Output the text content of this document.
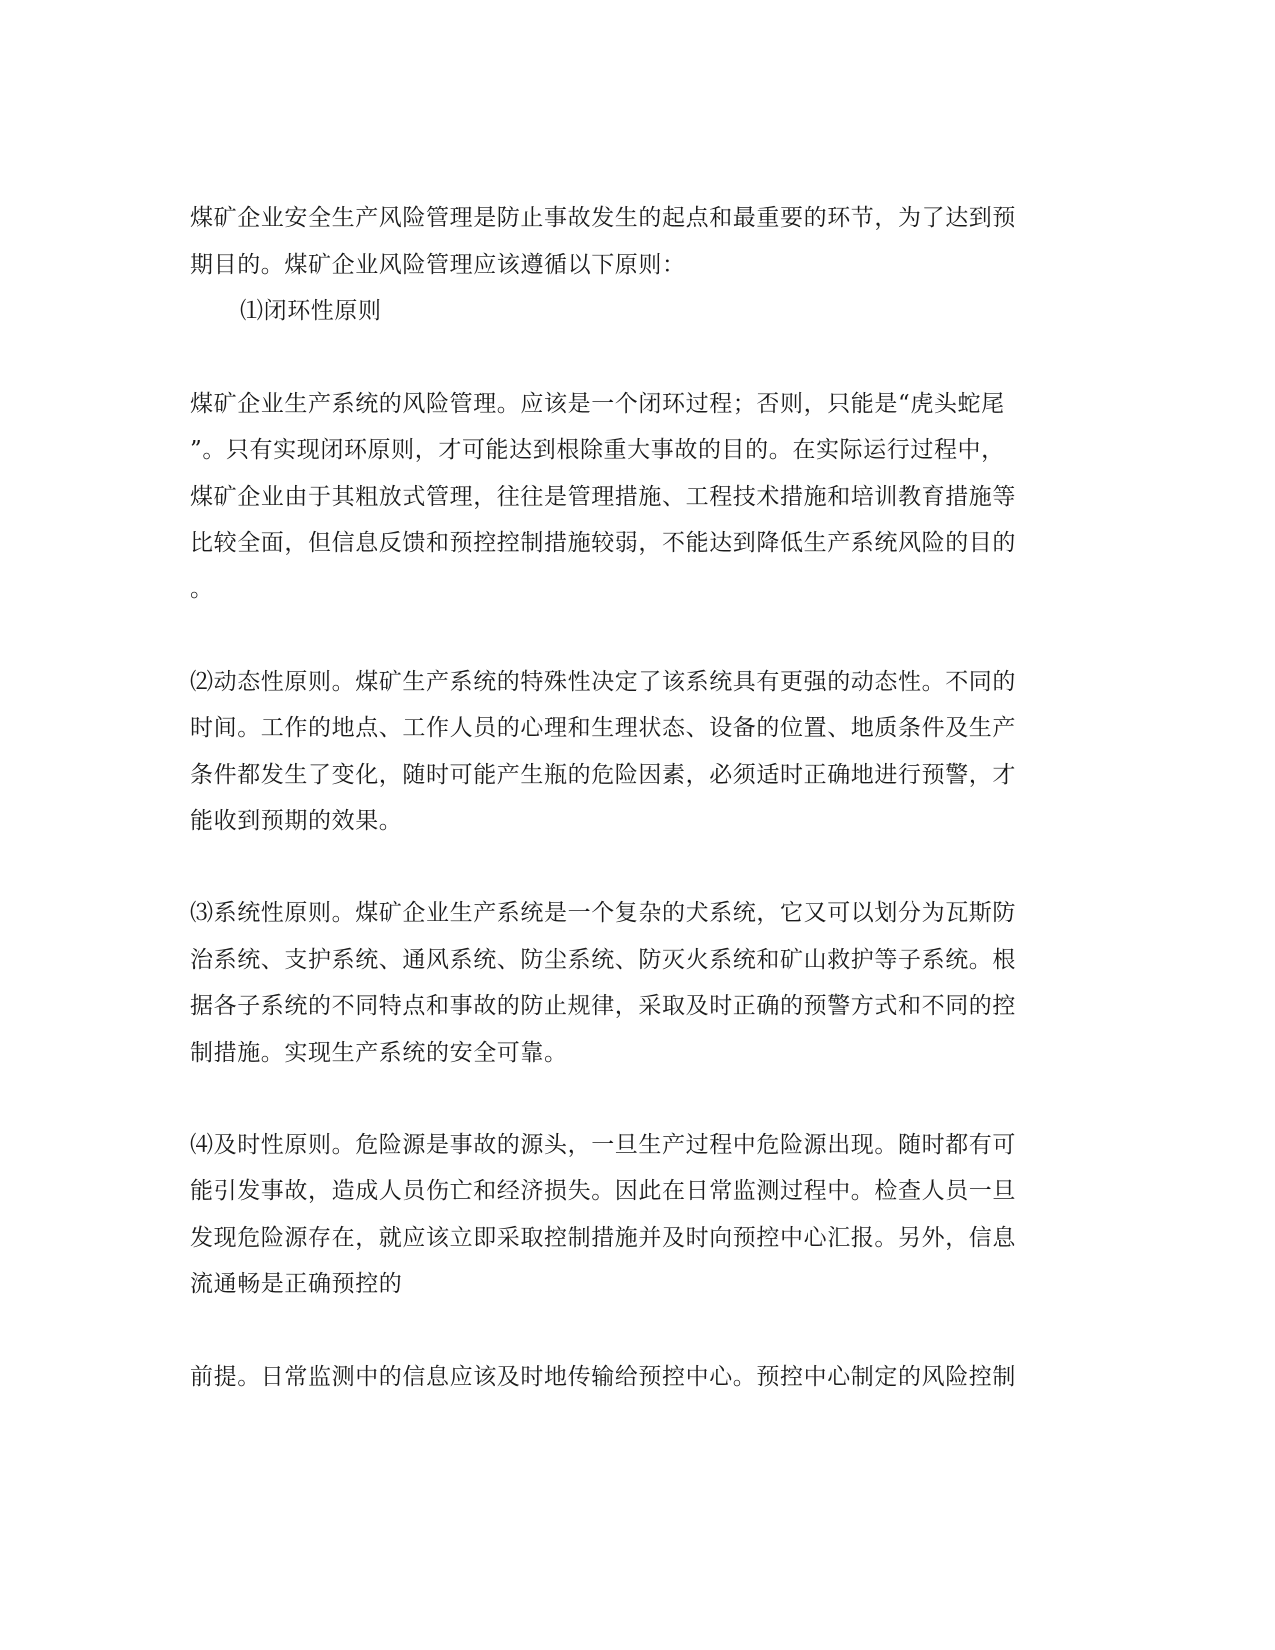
煤矿企业安全生产风险管理是防止事故发生的起点和最重要的环节，为了达到预
期目的。煤矿企业风险管理应该遵循以下原则：
⑴闭环性原则
煤矿企业生产系统的风险管理。应该是一个闭环过程；否则，只能是“虎头蛇尾
”。只有实现闭环原则，才可能达到根除重大事故的目的。在实际运行过程中，
煤矿企业由于其粗放式管理，往往是管理措施、工程技术措施和培训教育措施等
比较全面，但信息反馈和预控控制措施较弱，不能达到降低生产系统风险的目的
。
⑵动态性原则。煤矿生产系统的特殊性决定了该系统具有更强的动态性。不同的
时间。工作的地点、工作人员的心理和生理状态、设备的位置、地质条件及生产
条件都发生了变化，随时可能产生瓶的危险因素，必须适时正确地进行预警，才
能收到预期的效果。
⑶系统性原则。煤矿企业生产系统是一个复杂的犬系统，它又可以划分为瓦斯防
治系统、支护系统、通风系统、防尘系统、防灭火系统和矿山救护等子系统。根
据各子系统的不同特点和事故的防止规律，采取及时正确的预警方式和不同的控
制措施。实现生产系统的安全可靠。
⑷及时性原则。危险源是事故的源头，一旦生产过程中危险源出现。随时都有可
能引发事故，造成人员伤亡和经济损失。因此在日常监测过程中。检查人员一旦
发现危险源存在，就应该立即采取控制措施并及时向预控中心汇报。另外，信息
流通畅是正确预控的
前提。日常监测中的信息应该及时地传输给预控中心。预控中心制定的风险控制
